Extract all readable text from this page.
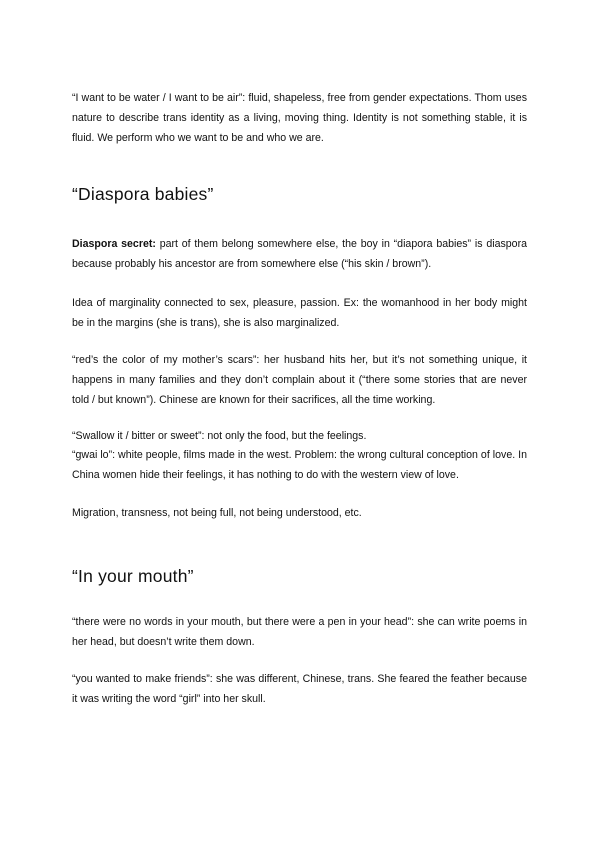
“I want to be water / I want to be air”: fluid, shapeless, free from gender expectations. Thom uses nature to describe trans identity as a living, moving thing. Identity is not something stable, it is fluid. We perform who we want to be and who we are.

“Diaspora babies”

Diaspora secret: part of them belong somewhere else, the boy in “diapora babies” is diaspora because probably his ancestor are from somewhere else (“his skin / brown”).

Idea of marginality connected to sex, pleasure, passion. Ex: the womanhood in her body might be in the margins (she is trans), she is also marginalized.

“red’s the color of my mother’s scars”: her husband hits her, but it’s not something unique, it happens in many families and they don’t complain about it (“there some stories that are never told / but known”). Chinese are known for their sacrifices, all the time working.

“Swallow it / bitter or sweet”: not only the food, but the feelings.

“gwai lo”: white people, films made in the west. Problem: the wrong cultural conception of love. In China women hide their feelings, it has nothing to do with the western view of love.

Migration, transness, not being full, not being understood, etc.

“In your mouth”

“there were no words in your mouth, but there were a pen in your head”: she can write poems in her head, but doesn’t write them down.

“you wanted to make friends”: she was different, Chinese, trans. She feared the feather because it was writing the word “girl” into her skull.
